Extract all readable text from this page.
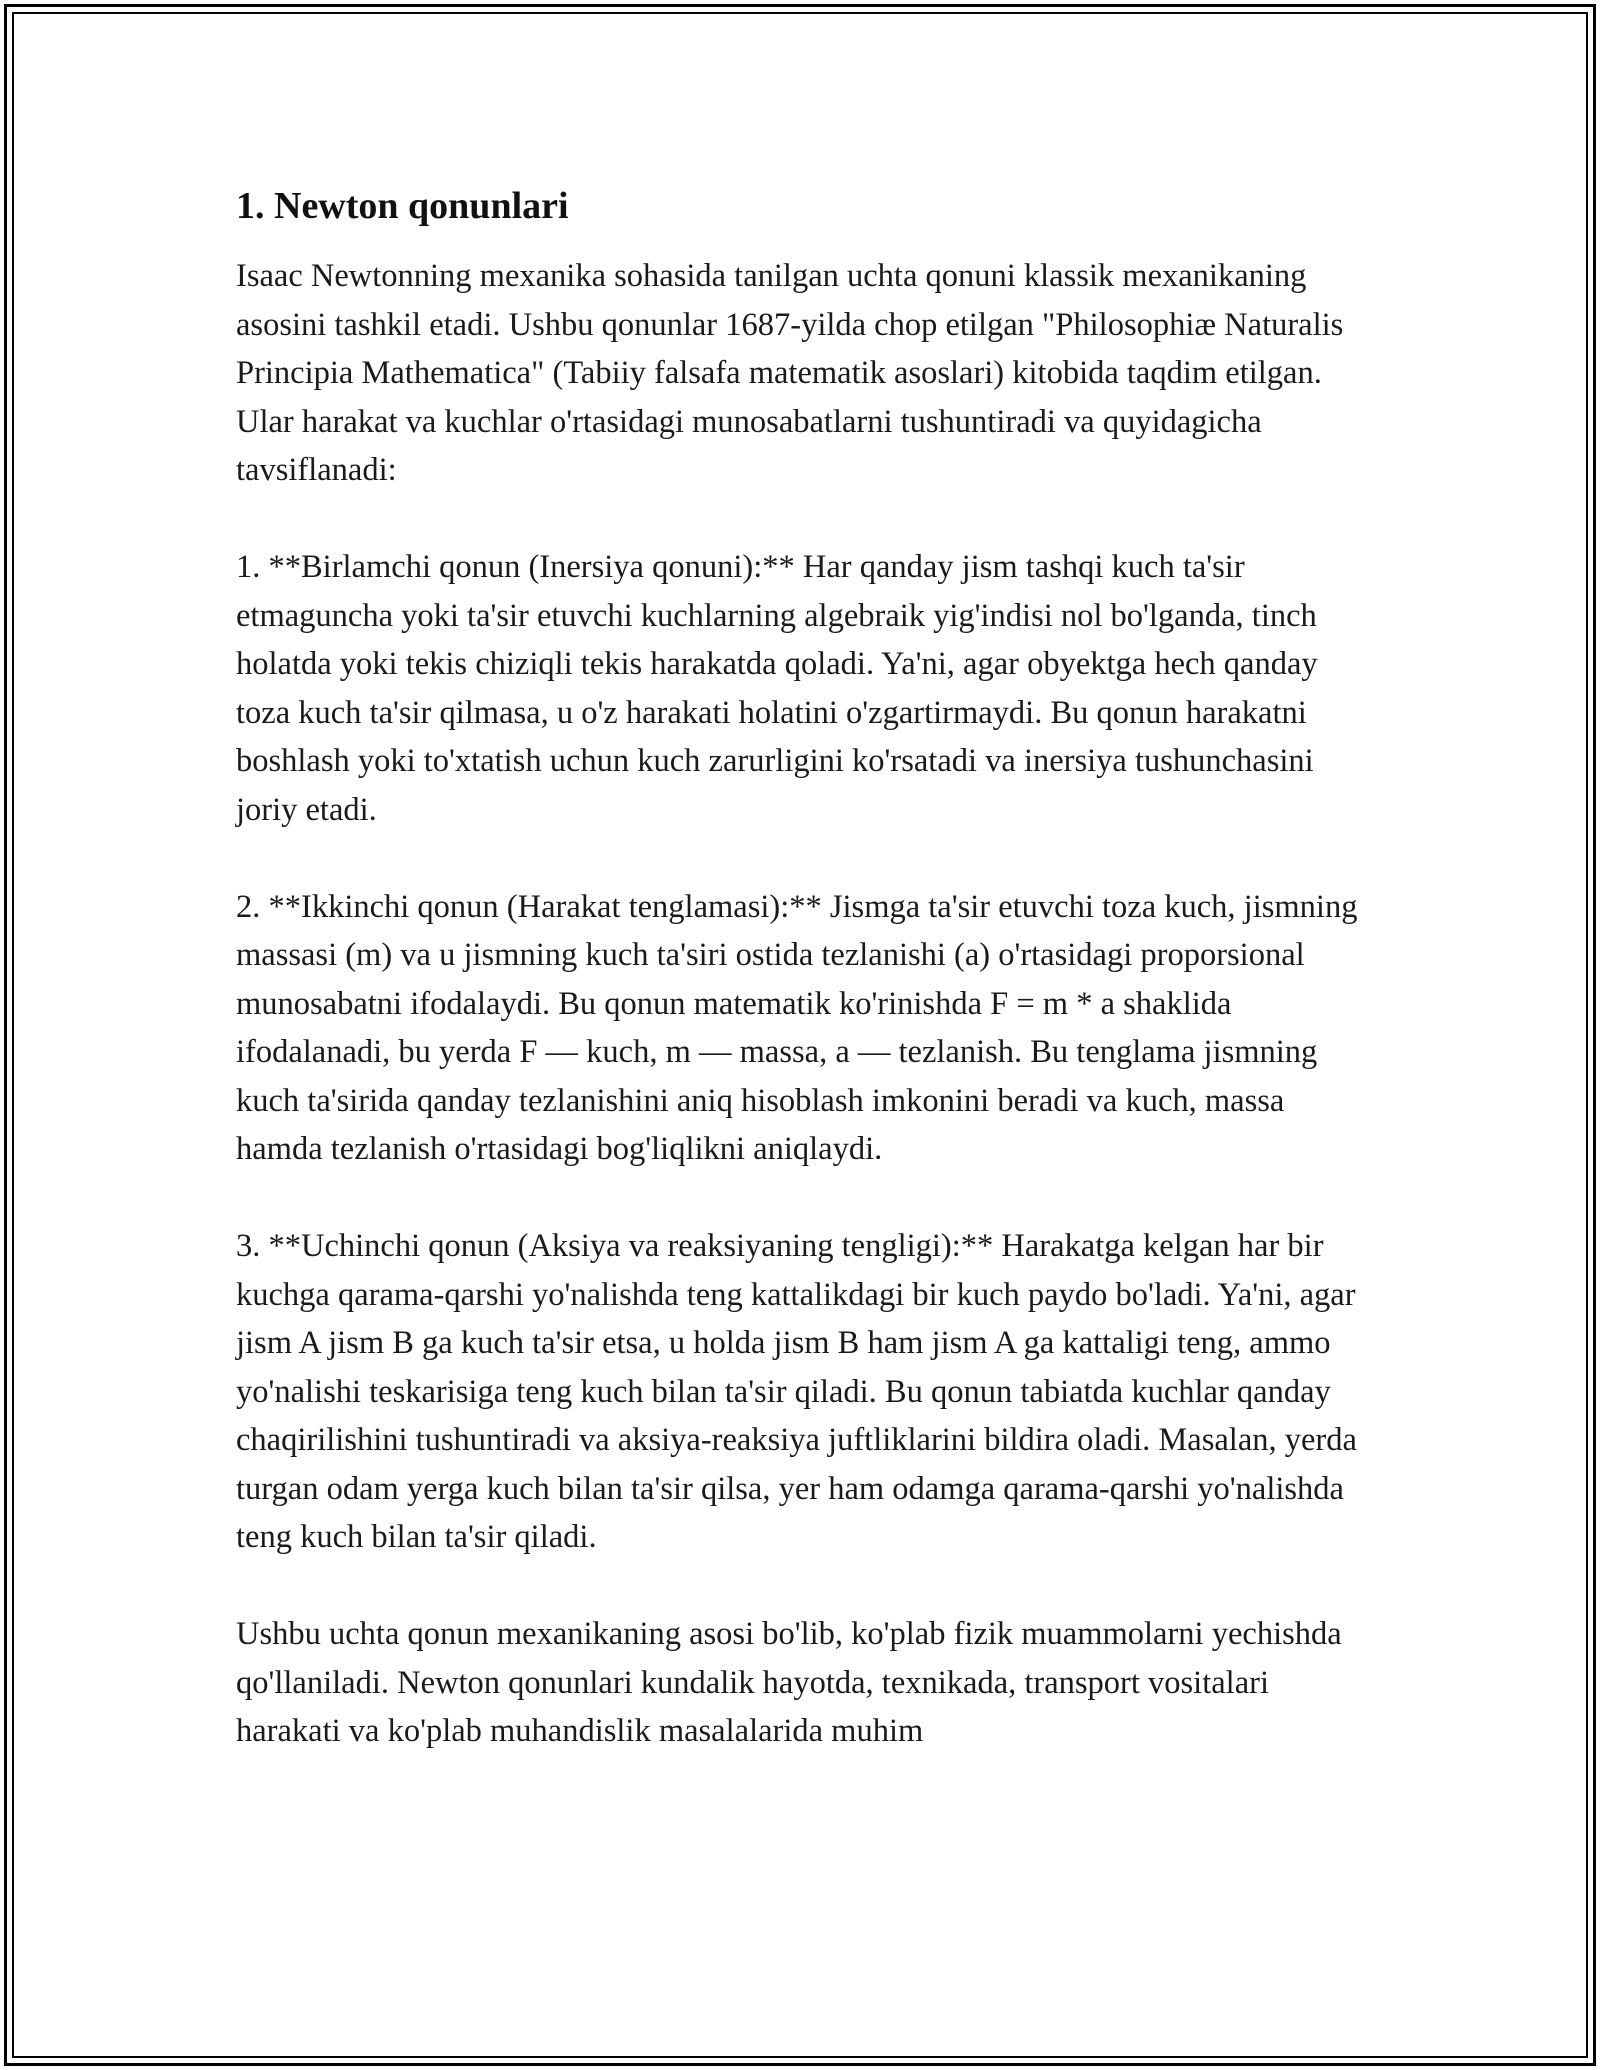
1. Newton qonunlari

Isaac Newtonning mexanika sohasida tanilgan uchta qonuni klassik mexanikaning asosini tashkil etadi. Ushbu qonunlar 1687-yilda chop etilgan "Philosophiæ Naturalis Principia Mathematica" (Tabiiy falsafa matematik asoslari) kitobida taqdim etilgan. Ular harakat va kuchlar o'rtasidagi munosabatlarni tushuntiradi va quyidagicha tavsiflanadi:

1. **Birlamchi qonun (Inersiya qonuni):** Har qanday jism tashqi kuch ta'sir etmaguncha yoki ta'sir etuvchi kuchlarning algebraik yig'indisi nol bo'lganda, tinch holatda yoki tekis chiziqli tekis harakatda qoladi. Ya'ni, agar obyektga hech qanday toza kuch ta'sir qilmasa, u o'z harakati holatini o'zgartirmaydi. Bu qonun harakatni boshlash yoki to'xtatish uchun kuch zarurligini ko'rsatadi va inersiya tushunchasini joriy etadi.

2. **Ikkinchi qonun (Harakat tenglamasi):** Jismga ta'sir etuvchi toza kuch, jismning massasi (m) va u jismning kuch ta'siri ostida tezlanishi (a) o'rtasidagi proporsional munosabatni ifodalaydi. Bu qonun matematik ko'rinishda F = m * a shaklida ifodalanadi, bu yerda F — kuch, m — massa, a — tezlanish. Bu tenglama jismning kuch ta'sirida qanday tezlanishini aniq hisoblash imkonini beradi va kuch, massa hamda tezlanish o'rtasidagi bog'liqlikni aniqlaydi.

3. **Uchinchi qonun (Aksiya va reaksiyaning tengligi):** Harakatga kelgan har bir kuchga qarama-qarshi yo'nalishda teng kattalikdagi bir kuch paydo bo'ladi. Ya'ni, agar jism A jism B ga kuch ta'sir etsa, u holda jism B ham jism A ga kattaligi teng, ammo yo'nalishi teskarisiga teng kuch bilan ta'sir qiladi. Bu qonun tabiatda kuchlar qanday chaqirilishini tushuntiradi va aksiya-reaksiya juftliklarini bildira oladi. Masalan, yerda turgan odam yerga kuch bilan ta'sir qilsa, yer ham odamga qarama-qarshi yo'nalishda teng kuch bilan ta'sir qiladi.

Ushbu uchta qonun mexanikaning asosi bo'lib, ko'plab fizik muammolarni yechishda qo'llaniladi. Newton qonunlari kundalik hayotda, texnikada, transport vositalari harakati va ko'plab muhandislik masalalarida muhim
